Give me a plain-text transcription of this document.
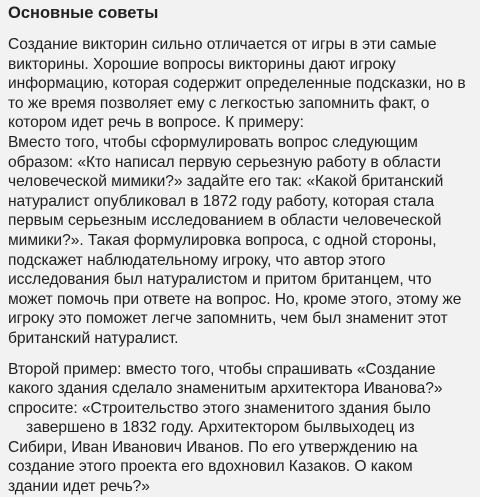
Основные советы
Создание викторин сильно отличается от игры в эти самые
викторины. Хорошие вопросы викторины дают игроку
информацию, которая содержит определенные подсказки, но в
то же время позволяет ему с легкостью запомнить факт, о
котором идет речь в вопросе. К примеру:
Вместо того, чтобы сформулировать вопрос следующим
образом: «Кто написал первую серьезную работу в области
человеческой мимики?» задайте его так: «Какой британский
натуралист опубликовал в 1872 году работу, которая стала
первым серьезным исследованием в области человеческой
мимики?». Такая формулировка вопроса, с одной стороны,
подскажет наблюдательному игроку, что автор этого
исследования был натуралистом и притом британцем, что
может помочь при ответе на вопрос. Но, кроме этого, этому же
игроку это поможет легче запомнить, чем был знаменит этот
британский натуралист.
Второй пример: вместо того, чтобы спрашивать «Создание
какого здания сделало знаменитым архитектора Иванова?»
спросите: «Строительство этого знаменитого здания было
завершено в 1832 году. Архитектором былвыходец из
Сибири, Иван Иванович Иванов. По его утверждению на
создание этого проекта его вдохновил Казаков. О каком
здании идет речь?»
